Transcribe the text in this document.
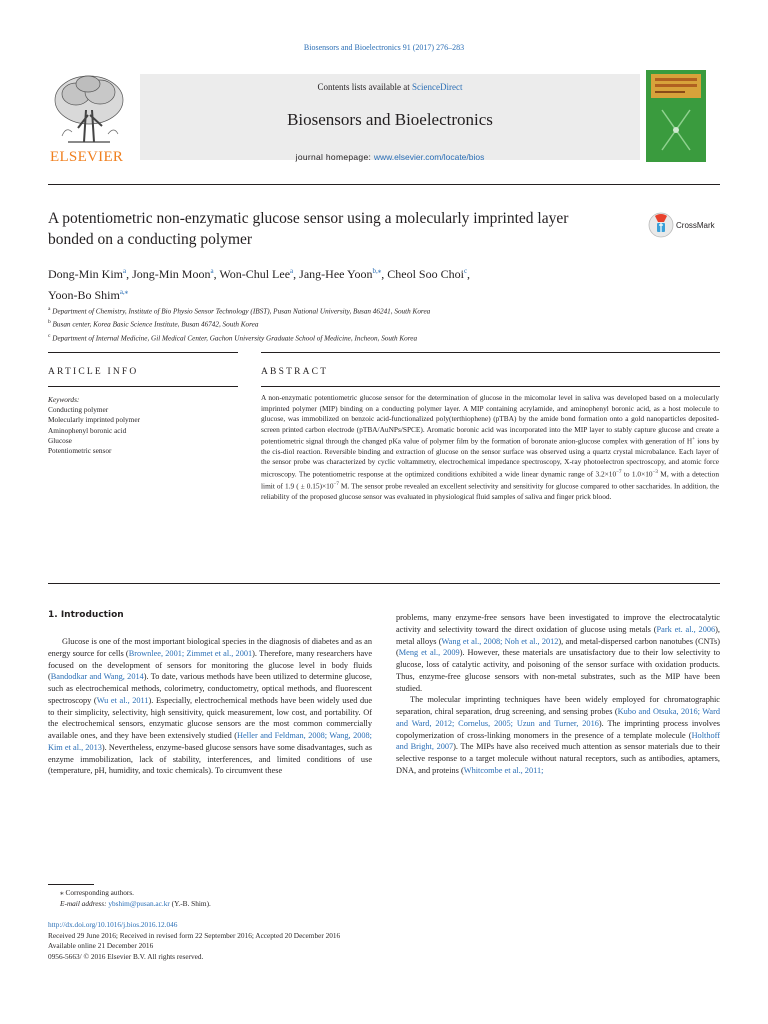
Biosensors and Bioelectronics 91 (2017) 276–283
ELSEVIER
Contents lists available at ScienceDirect
Biosensors and Bioelectronics
journal homepage: www.elsevier.com/locate/bios
A potentiometric non-enzymatic glucose sensor using a molecularly imprinted layer bonded on a conducting polymer
CrossMark
Dong-Min Kim$^a$, Jong-Min Moon$^a$, Won-Chul Lee$^a$, Jang-Hee Yoon$^{b,⁎}$, Cheol Soo Choi$^c$,
Yoon-Bo Shim$^{a,⁎}$
$^a$ Department of Chemistry, Institute of Bio Physio Sensor Technology (IBST), Pusan National University, Busan 46241, South Korea
$^b$ Busan center, Korea Basic Science Institute, Busan 46742, South Korea
$^c$ Department of Internal Medicine, Gil Medical Center, Gachon University Graduate School of Medicine, Incheon, South Korea
ARTICLE INFO	ABSTRACT
Keywords:
Conducting polymer
Molecularly imprinted polymer
Aminophenyl boronic acid
Glucose
Potentiometric sensor
A non-enzymatic potentiometric glucose sensor for the determination of glucose in the micomolar level in saliva was developed based on a molecularly imprinted polymer (MIP) binding on a conducting polymer layer. A MIP containing acrylamide, and aminophenyl boronic acid, as a host molecule to glucose, was immobilized on benzoic acid-functionalized poly(terthiophene) (pTBA) by the amide bond formation onto a gold nanoparticles deposited-screen printed carbon electrode (pTBA/AuNPs/SPCE). Aromatic boronic acid was incorporated into the MIP layer to stably capture glucose and create a potentiometric signal through the changed pKa value of polymer film by the formation of boronate anion-glucose complex with generation of H+ ions by the cis-diol reaction. Reversible binding and extraction of glucose on the sensor surface was observed using a quartz crystal microbalance. Each layer of the sensor probe was characterized by cyclic voltammetry, electrochemical impedance spectroscopy, X-ray photoelectron spectroscopy, and atomic force microscopy. The potentiometric response at the optimized conditions exhibited a wide linear dynamic range of $3.2\times 10^{-7}$ to $1.0\times 10^{-3}$ M, with a detection limit of 1.9 ( ± $0.15)\times 10^{-7}$ M. The sensor probe revealed an excellent selectivity and sensitivity for glucose compared to other saccharides. In addition, the reliability of the proposed glucose sensor was evaluated in physiological fluid samples of saliva and finger prick blood.
1. Introduction

Glucose is one of the most important biological species in the diagnosis of diabetes and as an energy source for cells (Brownlee, 2001; Zimmet et al., 2001). Therefore, many researchers have focused on the development of sensors for monitoring the glucose level in body fluids (Bandodkar and Wang, 2014). To date, various methods have been utilized to determine glucose, such as electrochemical methods, colorimetry, conductometry, optical methods, and fluorescent spectroscopy (Wu et al., 2011). Especially, electrochemical methods have been widely used due to their simplicity, selectivity, high sensitivity, quick measurement, low cost, and portability. Of the electrochemical sensors, enzymatic glucose sensors are the most common commercially available ones, and they have been extensively studied (Heller and Feldman, 2008; Wang, 2008; Kim et al., 2013). Nevertheless, enzyme-based glucose sensors have some disadvantages, such as enzyme immobilization, lack of stability, interferences, and limited conditions of use (temperature, pH, humidity, and toxic chemicals). To circumvent these

problems, many enzyme-free sensors have been investigated to improve the electrocatalytic activity and selectivity toward the direct oxidation of glucose using metals (Park et. al., 2006), metal alloys (Wang et al., 2008; Noh et al., 2012), and metal-dispersed carbon nanotubes (CNTs) (Meng et al., 2009). However, these materials are unsatisfactory due to their low selectivity to glucose, loss of catalytic activity, and poisoning of the sensor surface with oxidation products. Thus, enzyme-free glucose sensors with non-metal substrates, such as the MIP have been studied.

The molecular imprinting techniques have been widely employed for chromatographic separation, chiral separation, drug screening, and sensing probes (Kubo and Otsuka, 2016; Ward and Ward, 2012; Cornelus, 2005; Uzun and Turner, 2016). The imprinting process involves copolymerization of cross-linking monomers in the presence of a template molecule (Holthoff and Bright, 2007). The MIPs have also received much attention as sensor materials due to their selective response to a target molecule without natural receptors, such as antibodies, aptamers, DNA, and proteins (Whitcombe et al., 2011;

⁎ Corresponding authors.
E-mail address: ybshim@pusan.ac.kr (Y.-B. Shim).
http://dx.doi.org/10.1016/j.bios.2016.12.046
Received 29 June 2016; Received in revised form 22 September 2016; Accepted 20 December 2016
Available online 21 December 2016
0956-5663/ © 2016 Elsevier B.V. All rights reserved.
